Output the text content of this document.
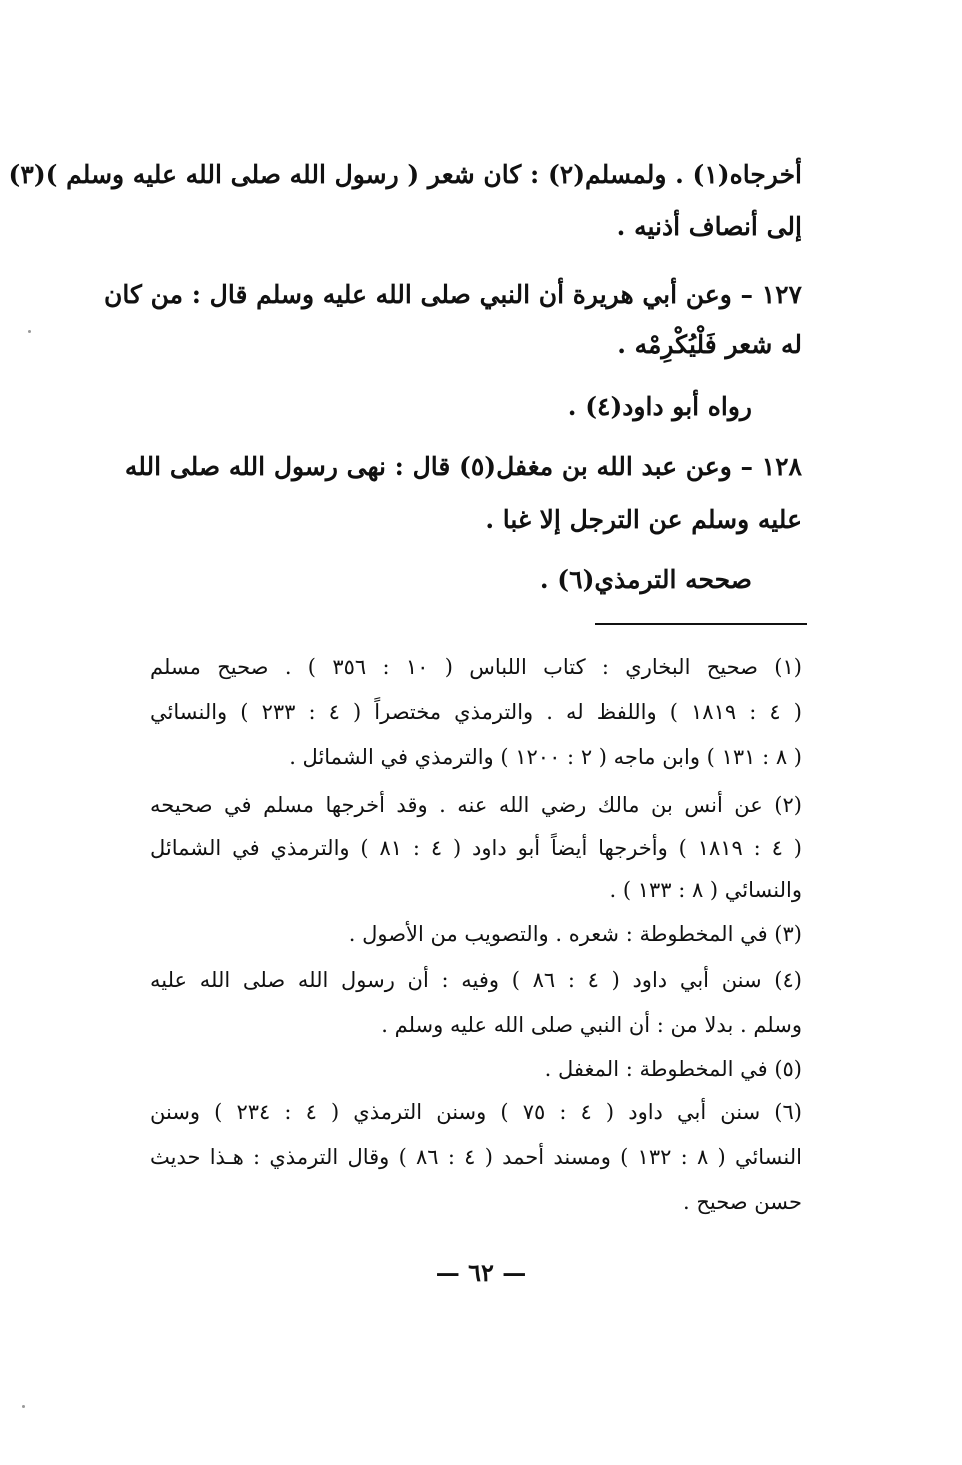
أخرجاه(١) . ولمسلم(٢) : كان شعر ( رسول الله صلى الله عليه وسلم )(٣)
إلى أنصاف أذنيه .
١٢٧ – وعن أبي هريرة أن النبي صلى الله عليه وسلم قال : من كان
له شعر فَلْيُكْرِمْه .
رواه أبو داود(٤) .
١٢٨ – وعن عبد الله بن مغفل(٥) قال : نهى رسول الله صلى الله
عليه وسلم عن الترجل إلا غبا .
صححه الترمذي(٦) .
(١) صحيح البخاري : كتاب اللباس ( ١٠ : ٣٥٦ ) . صحيح مسلم
( ٤ : ١٨١٩ ) واللفظ له . والترمذي مختصراً ( ٤ : ٢٣٣ ) والنسائي
( ٨ : ١٣١ ) وابن ماجه ( ٢ : ١٢٠٠ ) والترمذي في الشمائل .
(٢) عن أنس بن مالك رضي الله عنه . وقد أخرجها مسلم في صحيحه
( ٤ : ١٨١٩ ) وأخرجها أيضاً أبو داود ( ٤ : ٨١ ) والترمذي في الشمائل
والنسائي ( ٨ : ١٣٣ ) .
(٣) في المخطوطة : شعره . والتصويب من الأصول .
(٤) سنن أبي داود ( ٤ : ٨٦ ) وفيه : أن رسول الله صلى الله عليه
وسلم . بدلا من : أن النبي صلى الله عليه وسلم .
(٥) في المخطوطة : المغفل .
(٦) سنن أبي داود ( ٤ : ٧٥ ) وسنن الترمذي ( ٤ : ٢٣٤ ) وسنن
النسائي ( ٨ : ١٣٢ ) ومسند أحمد ( ٤ : ٨٦ ) وقال الترمذي : هـذا حديث
حسن صحيح .
— ٦٢ —
